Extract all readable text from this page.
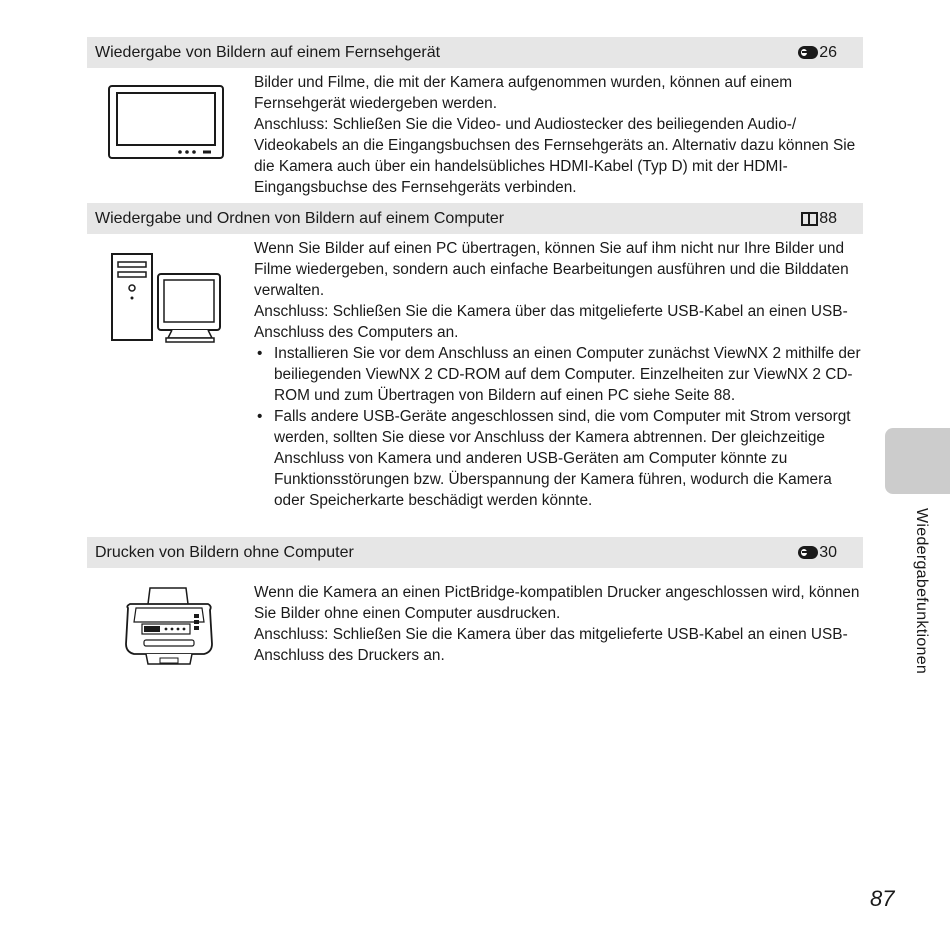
Wiedergabe von Bildern auf einem Fernsehgerät	26

Bilder und Filme, die mit der Kamera aufgenommen wurden, können auf einem Fernsehgerät wiedergeben werden.

Anschluss: Schließen Sie die Video- und Audiostecker des beiliegenden Audio-/ Videokabels an die Eingangsbuchsen des Fernsehgeräts an. Alternativ dazu können Sie die Kamera auch über ein handelsübliches HDMI-Kabel (Typ D) mit der HDMI-Eingangsbuchse des Fernsehgeräts verbinden.

Wiedergabe und Ordnen von Bildern auf einem Computer	88

Wenn Sie Bilder auf einen PC übertragen, können Sie auf ihm nicht nur Ihre Bilder und Filme wiedergeben, sondern auch einfache Bearbeitungen ausführen und die Bilddaten verwalten.

Anschluss: Schließen Sie die Kamera über das mitgelieferte USB-Kabel an einen USB-Anschluss des Computers an.

• Installieren Sie vor dem Anschluss an einen Computer zunächst ViewNX 2 mithilfe der beiliegenden ViewNX 2 CD-ROM auf dem Computer. Einzelheiten zur ViewNX 2 CD-ROM und zum Übertragen von Bildern auf einen PC siehe Seite 88.
• Falls andere USB-Geräte angeschlossen sind, die vom Computer mit Strom versorgt werden, sollten Sie diese vor Anschluss der Kamera abtrennen. Der gleichzeitige Anschluss von Kamera und anderen USB-Geräten am Computer könnte zu Funktionsstörungen bzw. Überspannung der Kamera führen, wodurch die Kamera oder Speicherkarte beschädigt werden könnte.
Drucken von Bildern ohne Computer	30

Wenn die Kamera an einen PictBridge-kompatiblen Drucker angeschlossen wird, können Sie Bilder ohne einen Computer ausdrucken.

Anschluss: Schließen Sie die Kamera über das mitgelieferte USB-Kabel an einen USB-Anschluss des Druckers an.	Wiedergabefunktionen
87
